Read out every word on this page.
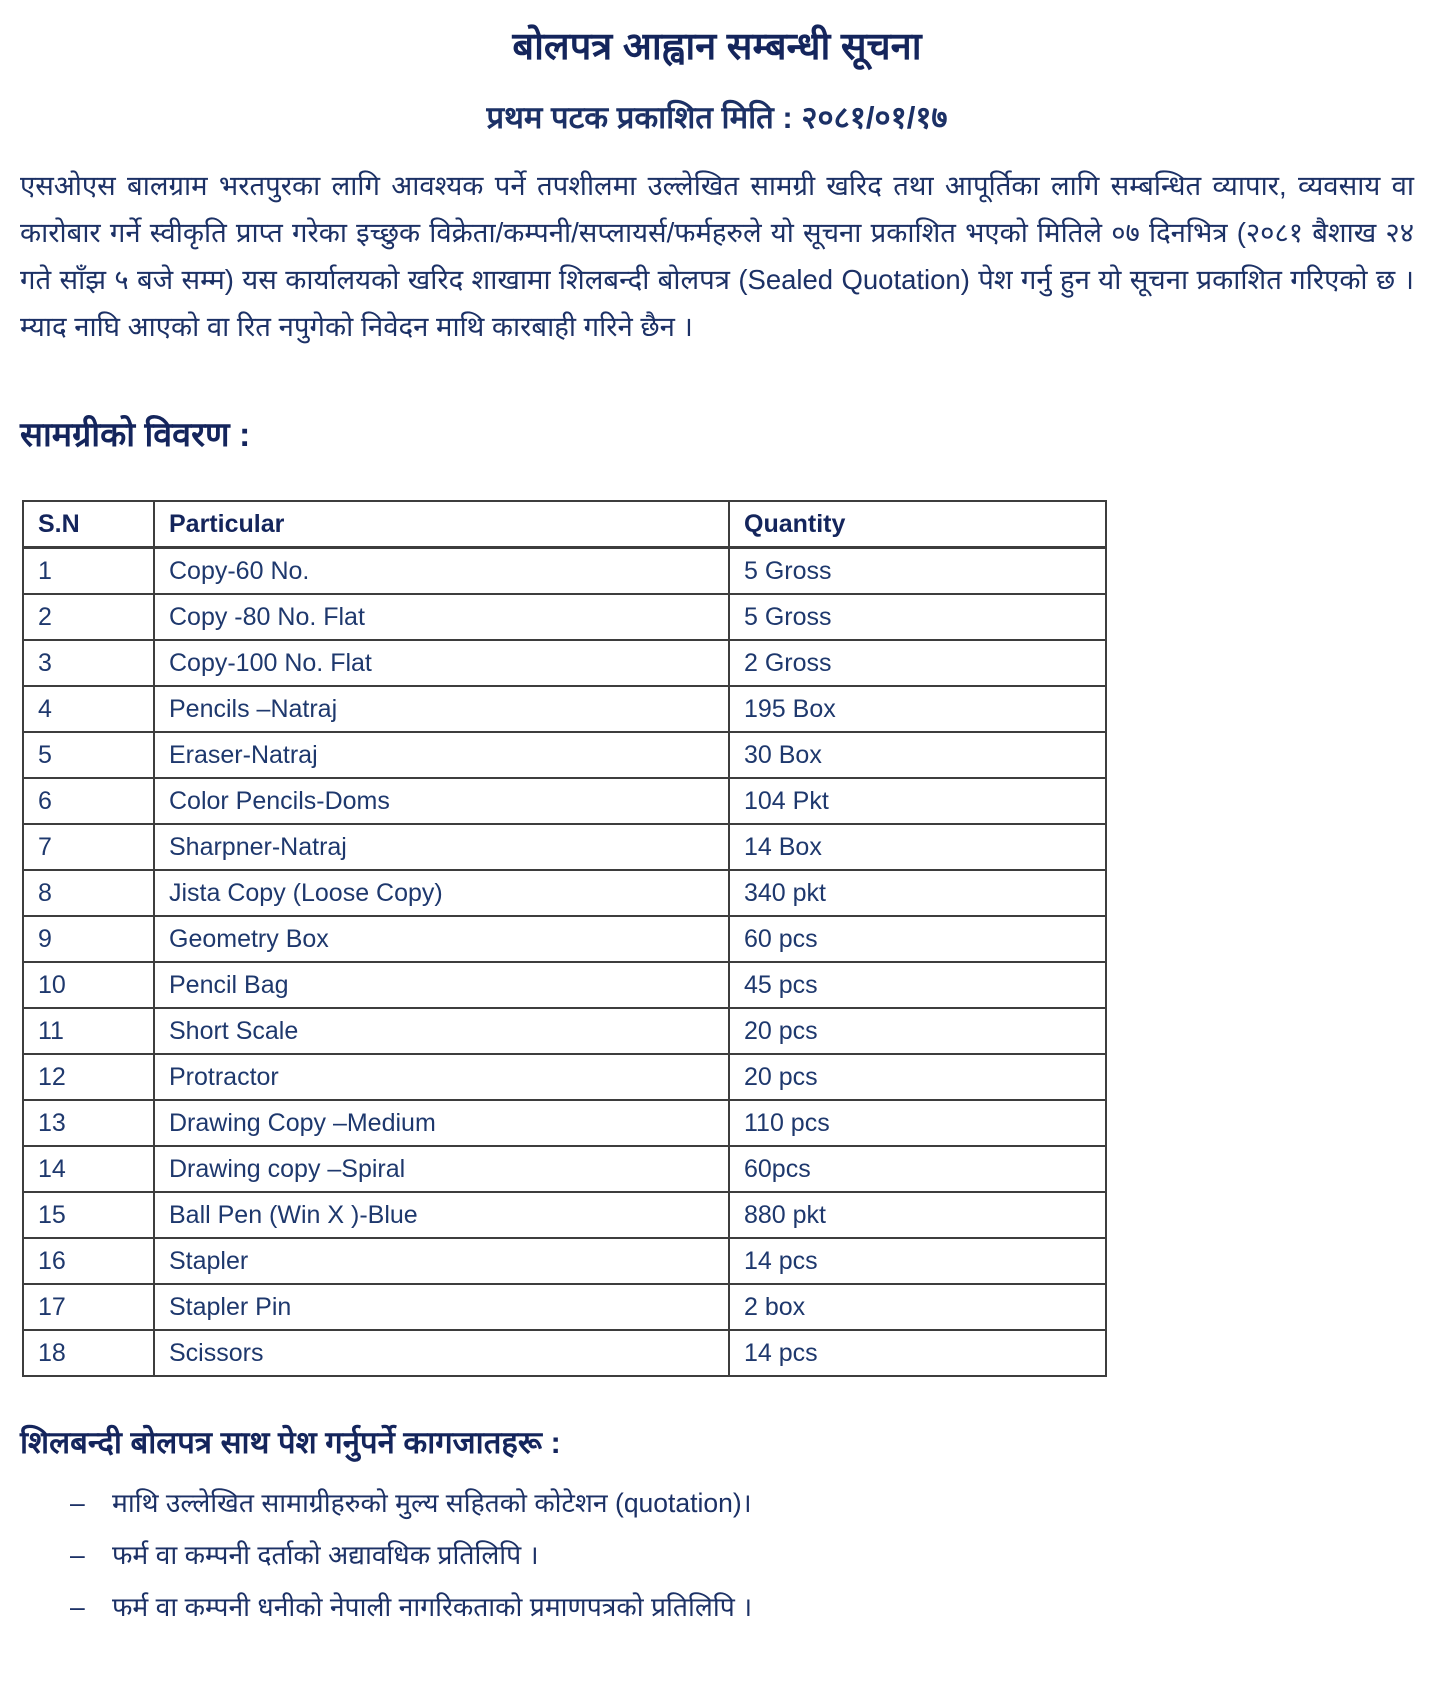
बोलपत्र आह्वान सम्बन्धी सूचना
प्रथम पटक प्रकाशित मिति : २०८१/०१/१७

एसओएस बालग्राम भरतपुरका लागि आवश्यक पर्ने तपशीलमा उल्लेखित सामग्री खरिद तथा आपूर्तिका लागि सम्बन्धित व्यापार, व्यवसाय वा कारोबार गर्ने स्वीकृति प्राप्त गरेका इच्छुक विक्रेता/कम्पनी/सप्लायर्स/फर्महरुले यो सूचना प्रकाशित भएको मितिले ०७ दिनभित्र (२०८१ बैशाख २४ गते साँझ ५ बजे सम्म) यस कार्यालयको खरिद शाखामा शिलबन्दी बोलपत्र (Sealed Quotation) पेश गर्नु हुन यो सूचना प्रकाशित गरिएको छ । म्याद नाघि आएको वा रित नपुगेको निवेदन माथि कारबाही गरिने छैन ।

सामग्रीको विवरण :
S.N	Particular	Quantity
1	Copy-60 No.	5 Gross
2	Copy -80 No. Flat	5 Gross
3	Copy-100 No. Flat	2 Gross
4	Pencils –Natraj	195 Box
5	Eraser-Natraj	30 Box
6	Color Pencils-Doms	104 Pkt
7	Sharpner-Natraj	14 Box
8	Jista Copy (Loose Copy)	340 pkt
9	Geometry Box	60 pcs
10	Pencil Bag	45 pcs
11	Short Scale	20 pcs
12	Protractor	20 pcs
13	Drawing Copy –Medium	110 pcs
14	Drawing copy –Spiral	60pcs
15	Ball Pen (Win X )-Blue	880 pkt
16	Stapler	14 pcs
17	Stapler Pin	2 box
18	Scissors	14 pcs
शिलबन्दी बोलपत्र साथ पेश गर्नुपर्ने कागजातहरू :
–	माथि उल्लेखित सामाग्रीहरुको मुल्य सहितको कोटेशन (quotation)।
–	फर्म वा कम्पनी दर्ताको अद्यावधिक प्रतिलिपि ।
–	फर्म वा कम्पनी धनीको नेपाली नागरिकताको प्रमाणपत्रको प्रतिलिपि ।
